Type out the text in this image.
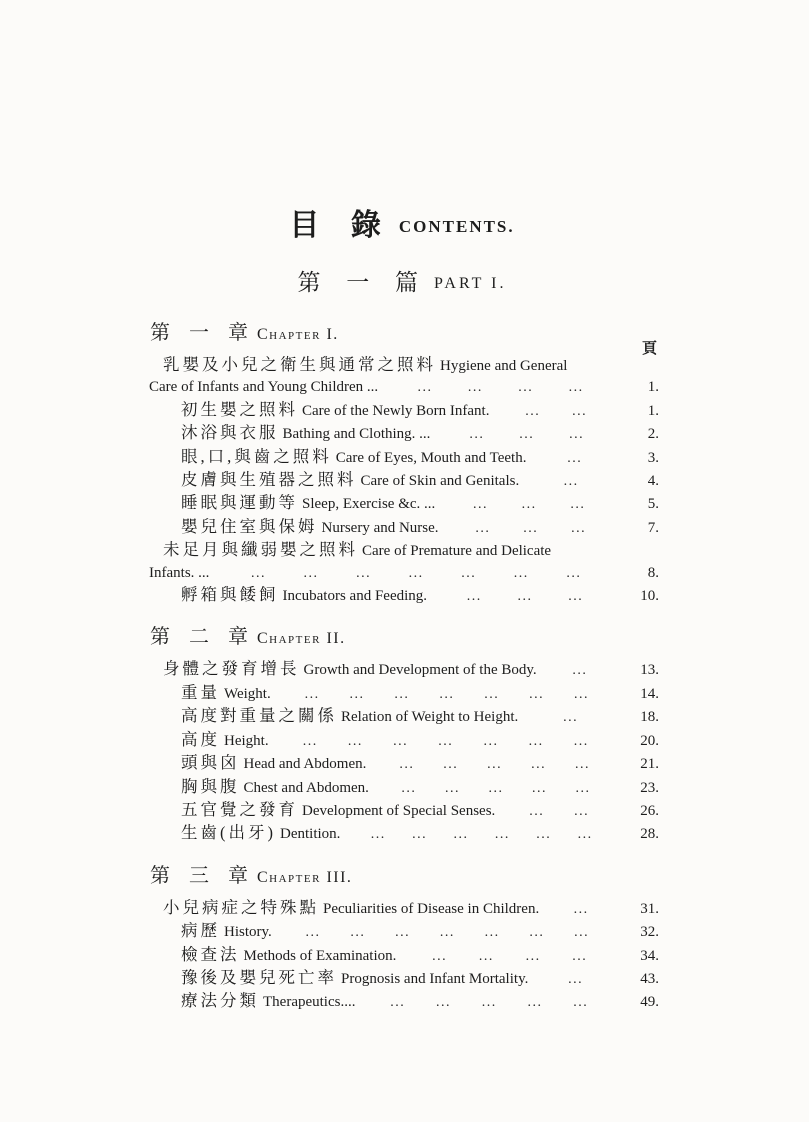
目 錄 CONTENTS.
第 一 篇 PART I.
第 一 章 Chapter I.
頁
乳嬰及小兒之衛生與通常之照料 Hygiene and General
Care of Infants and Young Children ...	...	...	...	...	1.
初生嬰之照料 Care of the Newly Born Infant.	... ...	1.
沐浴與衣服 Bathing and Clothing. ...	... ... ...	2.
眼,口,與齒之照料 Care of Eyes, Mouth and Teeth.	...	3.
皮膚與生殖器之照料 Care of Skin and Genitals.	...	4.
睡眠與運動等 Sleep, Exercise &c. ...	... ... ...	5.
嬰兒住室與保姆 Nursery and Nurse.	... ... ...	7.
未足月與纖弱嬰之照料 Care of Premature and Delicate
Infants. ...	...	...	...	...	...	...	...	8.
孵箱與餧飼 Incubators and Feeding.	...	...	...	10.
第 二 章 Chapter II.
身體之發育增長 Growth and Development of the Body.	...	13.
重量 Weight. ... ... ... ... ... ... ...	14.
高度對重量之關係 Relation of Weight to Height.	...	18.
高度 Height. ... ... ... ... ... ... ...	20.
頭與囟 Head and Abdomen. ... ... ... ... ...	21.
胸與腹 Chest and Abdomen. ... ... ... ... ...	23.
五官覺之發育 Development of Special Senses. ... ...	26.
生齒(出牙) Dentition. ... ... ... ... ... ...	28.
第 三 章 Chapter III.
小兒病症之特殊點 Peculiarities of Disease in Children. ...	31.
病歷 History. ... ... ... ... ... ... ...	32.
檢查法 Methods of Examination.	... ... ... ...	34.
豫後及嬰兒死亡率 Prognosis and Infant Mortality.	...	43.
療法分類 Therapeutics.... ... ... ... ... ...	49.
